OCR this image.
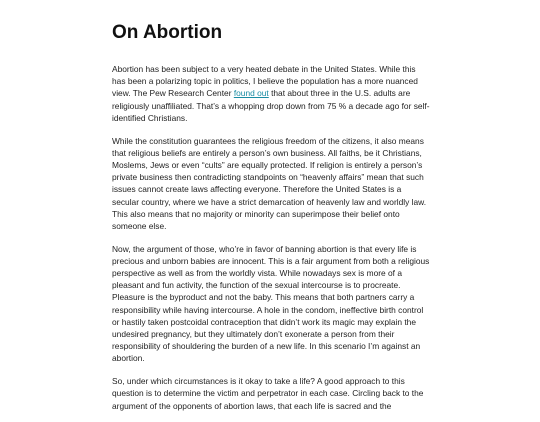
On Abortion

Abortion has been subject to a very heated debate in the United States. While this has been a polarizing topic in politics, I believe the population has a more nuanced view. The Pew Research Center found out that about three in the U.S. adults are religiously unaffiliated. That’s a whopping drop down from 75 % a decade ago for self-identified Christians.

While the constitution guarantees the religious freedom of the citizens, it also means that religious beliefs are entirely a person’s own business. All faiths, be it Christians, Moslems, Jews or even “cults” are equally protected. If religion is entirely a person’s private business then contradicting standpoints on “heavenly affairs” mean that such issues cannot create laws affecting everyone. Therefore the United States is a secular country, where we have a strict demarcation of heavenly law and worldly law. This also means that no majority or minority can superimpose their belief onto someone else.

Now, the argument of those, who’re in favor of banning abortion is that every life is precious and unborn babies are innocent. This is a fair argument from both a religious perspective as well as from the worldly vista. While nowadays sex is more of a pleasant and fun activity, the function of the sexual intercourse is to procreate. Pleasure is the byproduct and not the baby. This means that both partners carry a responsibility while having intercourse. A hole in the condom, ineffective birth control or hastily taken postcoidal contraception that didn’t work its magic may explain the undesired pregnancy, but they ultimately don’t exonerate a person from their responsibility of shouldering the burden of a new life. In this scenario I’m against an abortion.

So, under which circumstances is it okay to take a life? A good approach to this question is to determine the victim and perpetrator in each case. Circling back to the argument of the opponents of abortion laws, that each life is sacred and the
